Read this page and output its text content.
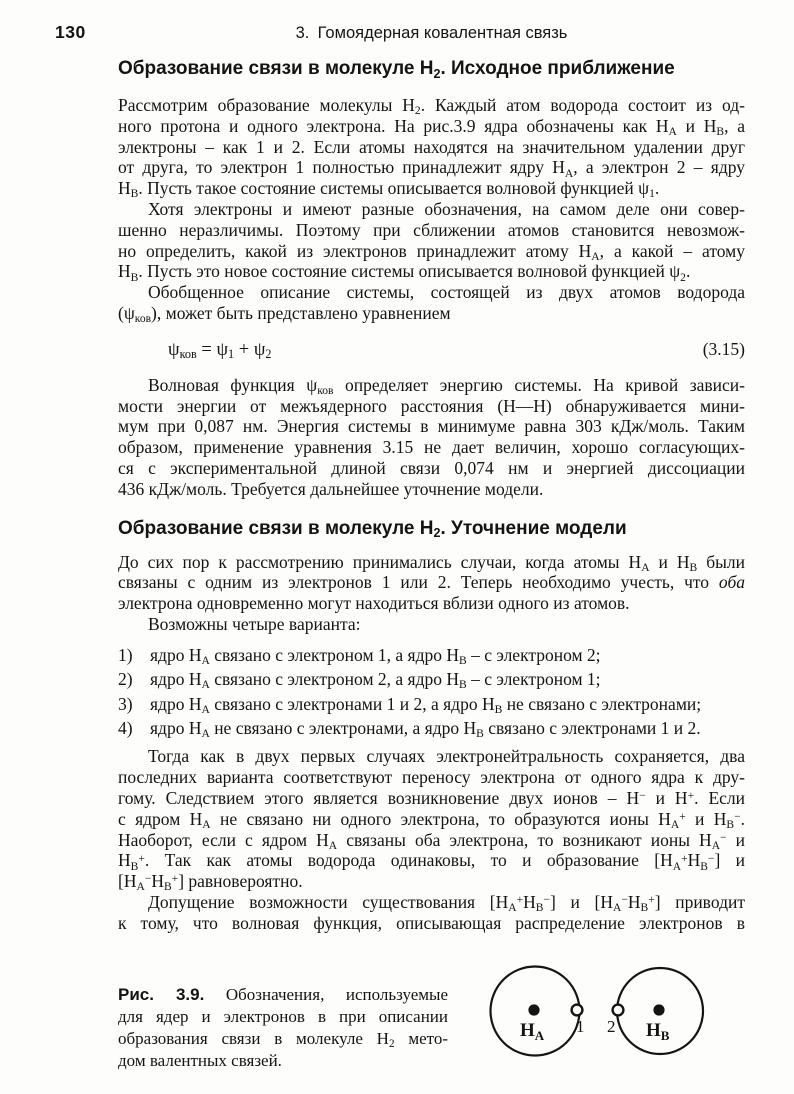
130	3. Гомоядерная ковалентная связь
Образование связи в молекуле $H_2$. Исходное приближение
Рассмотрим образование молекулы $H_2$. Каждый атом водорода состоит из од-
ного протона и одного электрона. На рис.3.9 ядра обозначены как $H_A$ и $H_B$, а
электроны – как 1 и 2. Если атомы находятся на значительном удалении друг
от друга, то электрон 1 полностью принадлежит ядру $H_A$, а электрон 2 – ядру
$H_B$. Пусть такое состояние системы описывается волновой функцией $\psi_1$.
Хотя электроны и имеют разные обозначения, на самом деле они совер-
шенно неразличимы. Поэтому при сближении атомов становится невозмож-
но определить, какой из электронов принадлежит атому $H_A$, а какой – атому
$H_B$. Пусть это новое состояние системы описывается волновой функцией $\psi_2$.
Обобщенное описание системы, состоящей из двух атомов водорода
$(\psi_{ков})$, может быть представлено уравнением
$\psi_{ков} = \psi_1 + \psi_2$	(3.15)
Волновая функция $\psi_{ков}$ определяет энергию системы. На кривой зависи-
мости энергии от межъядерного расстояния (H—H) обнаруживается мини-
мум при 0,087 нм. Энергия системы в минимуме равна 303 кДж/моль. Таким
образом, применение уравнения 3.15 не дает величин, хорошо согласующих-
ся с экспериментальной длиной связи 0,074 нм и энергией диссоциации
436 кДж/моль. Требуется дальнейшее уточнение модели.
Образование связи в молекуле $H_2$. Уточнение модели
До сих пор к рассмотрению принимались случаи, когда атомы $H_A$ и $H_B$ были
связаны с одним из электронов 1 или 2. Теперь необходимо учесть, что оба
электрона одновременно могут находиться вблизи одного из атомов.
Возможны четыре варианта:
1) ядро $H_A$ связано с электроном 1, а ядро $H_B$ – с электроном 2;
2) ядро $H_A$ связано с электроном 2, а ядро $H_B$ – с электроном 1;
3) ядро $H_A$ связано с электронами 1 и 2, а ядро $H_B$ не связано с электронами;
4) ядро $H_A$ не связано с электронами, а ядро $H_B$ связано с электронами 1 и 2.
Тогда как в двух первых случаях электронейтральность сохраняется, два
последних варианта соответствуют переносу электрона от одного ядра к дру-
гому. Следствием этого является возникновение двух ионов – H− и H+. Если
с ядром $H_A$ не связано ни одного электрона, то образуются ионы $H_A^+$ и $H_B^-$.
Наоборот, если с ядром $H_A$ связаны оба электрона, то возникают ионы $H_A^-$ и
$H_B^+$. Так как атомы водорода одинаковы, то и образование $[H_A^+H_B^-]$ и
$[H_A^-H_B^+]$ равновероятно.
Допущение возможности существования $[H_A^+H_B^-]$ и $[H_A^-H_B^+]$ приводит
к тому, что волновая функция, описывающая распределение электронов в
Рис. 3.9. Обозначения, используемые
для ядер и электронов в при описании
образования связи в молекуле $H_2$ мето-
дом валентных связей.
$H_A$ 1	$H_B$
2
